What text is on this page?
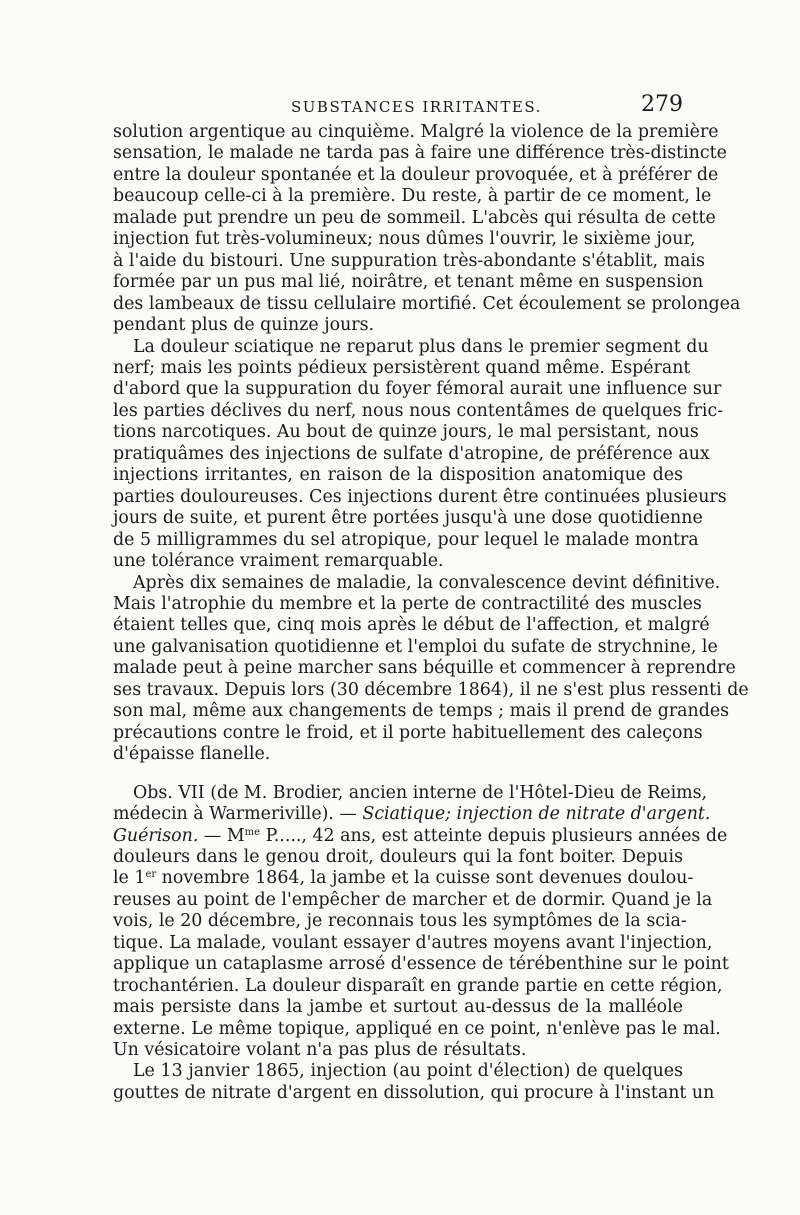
SUBSTANCES IRRITANTES.	279

solution argentique au cinquième. Malgré la violence de la première
sensation, le malade ne tarda pas à faire une différence très-distincte
entre la douleur spontanée et la douleur provoquée, et à préférer de
beaucoup celle-ci à la première. Du reste, à partir de ce moment, le
malade put prendre un peu de sommeil. L'abcès qui résulta de cette
injection fut très-volumineux; nous dûmes l'ouvrir, le sixième jour,
à l'aide du bistouri. Une suppuration très-abondante s'établit, mais
formée par un pus mal lié, noirâtre, et tenant même en suspension
des lambeaux de tissu cellulaire mortifié. Cet écoulement se prolongea
pendant plus de quinze jours.

La douleur sciatique ne reparut plus dans le premier segment du
nerf; mais les points pédieux persistèrent quand même. Espérant
d'abord que la suppuration du foyer fémoral aurait une influence sur
les parties déclives du nerf, nous nous contentâmes de quelques fric-
tions narcotiques. Au bout de quinze jours, le mal persistant, nous
pratiquâmes des injections de sulfate d'atropine, de préférence aux
injections irritantes, en raison de la disposition anatomique des
parties douloureuses. Ces injections durent être continuées plusieurs
jours de suite, et purent être portées jusqu'à une dose quotidienne
de 5 milligrammes du sel atropique, pour lequel le malade montra
une tolérance vraiment remarquable.

Après dix semaines de maladie, la convalescence devint définitive.
Mais l'atrophie du membre et la perte de contractilité des muscles
étaient telles que, cinq mois après le début de l'affection, et malgré
une galvanisation quotidienne et l'emploi du sufate de strychnine, le
malade peut à peine marcher sans béquille et commencer à reprendre
ses travaux. Depuis lors (30 décembre 1864), il ne s'est plus ressenti de
son mal, même aux changements de temps ; mais il prend de grandes
précautions contre le froid, et il porte habituellement des caleçons
d'épaisse flanelle.

Obs. VII (de M. Brodier, ancien interne de l'Hôtel-Dieu de Reims,
médecin à Warmeriville). — Sciatique; injection de nitrate d'argent.
Guérison. — $M^{me}$ P....., 42 ans, est atteinte depuis plusieurs années de
douleurs dans le genou droit, douleurs qui la font boiter. Depuis
le 1er novembre 1864, la jambe et la cuisse sont devenues doulou-
reuses au point de l'empêcher de marcher et de dormir. Quand je la
vois, le 20 décembre, je reconnais tous les symptômes de la scia-
tique. La malade, voulant essayer d'autres moyens avant l'injection,
applique un cataplasme arrosé d'essence de térébenthine sur le point
trochantérien. La douleur disparaît en grande partie en cette région,
mais persiste dans la jambe et surtout au-dessus de la malléole
externe. Le même topique, appliqué en ce point, n'enlève pas le mal.
Un vésicatoire volant n'a pas plus de résultats.

Le 13 janvier 1865, injection (au point d'élection) de quelques
gouttes de nitrate d'argent en dissolution, qui procure à l'instant un
